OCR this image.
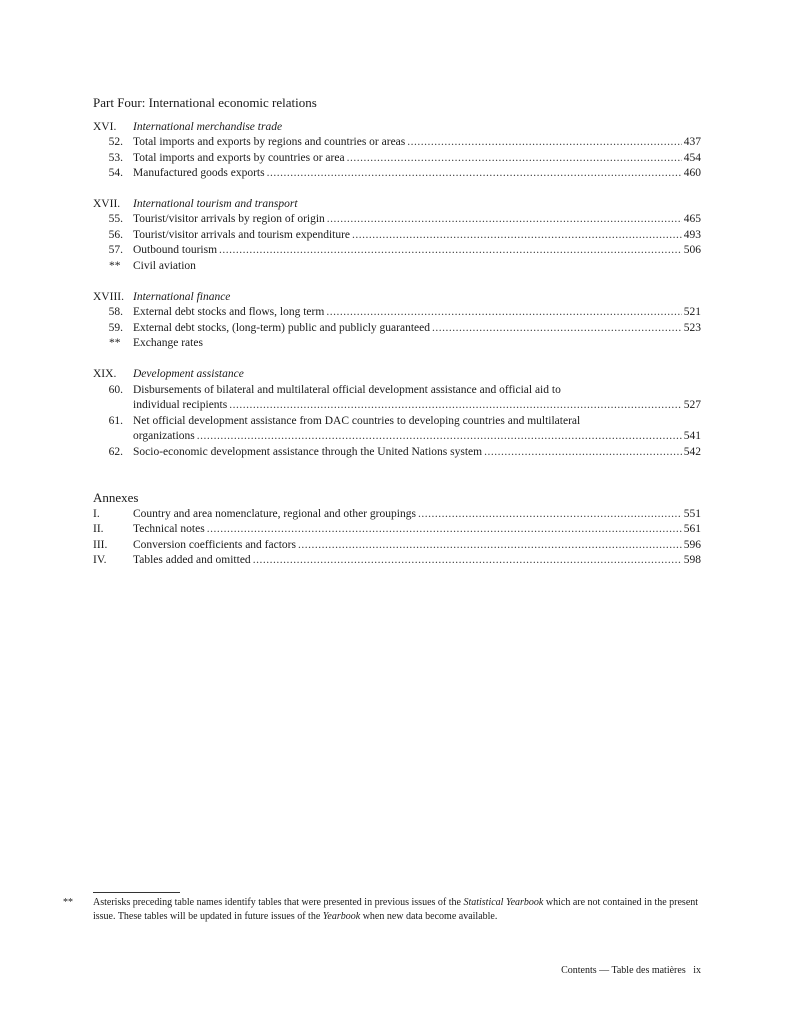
Part Four: International economic relations
XVI. International merchandise trade
52. Total imports and exports by regions and countries or areas .....	437
53. Total imports and exports by countries or area .....	454
54. Manufactured goods exports .....	460
XVII. International tourism and transport
55. Tourist/visitor arrivals by region of origin .....	465
56. Tourist/visitor arrivals and tourism expenditure .....	493
57. Outbound tourism .....	506
**	Civil aviation
XVIII. International finance
58. External debt stocks and flows, long term .....	521
59. External debt stocks, (long-term) public and publicly guaranteed .....	523
**	Exchange rates
XIX. Development assistance
60. Disbursements of bilateral and multilateral official development assistance and official aid to
individual recipients .....	527
61. Net official development assistance from DAC countries to developing countries and multilateral
organizations .....	541
62. Socio-economic development assistance through the United Nations system .....	542
Annexes
I.	Country and area nomenclature, regional and other groupings .....	551
II.	Technical notes .....	561
III.	Conversion coefficients and factors .....	596
IV.	Tables added and omitted .....	598
** Asterisks preceding table names identify tables that were presented in previous issues of the Statistical Yearbook which are not contained in the present issue. These tables will be updated in future issues of the Yearbook when new data become available.
Contents — Table des matières ix
